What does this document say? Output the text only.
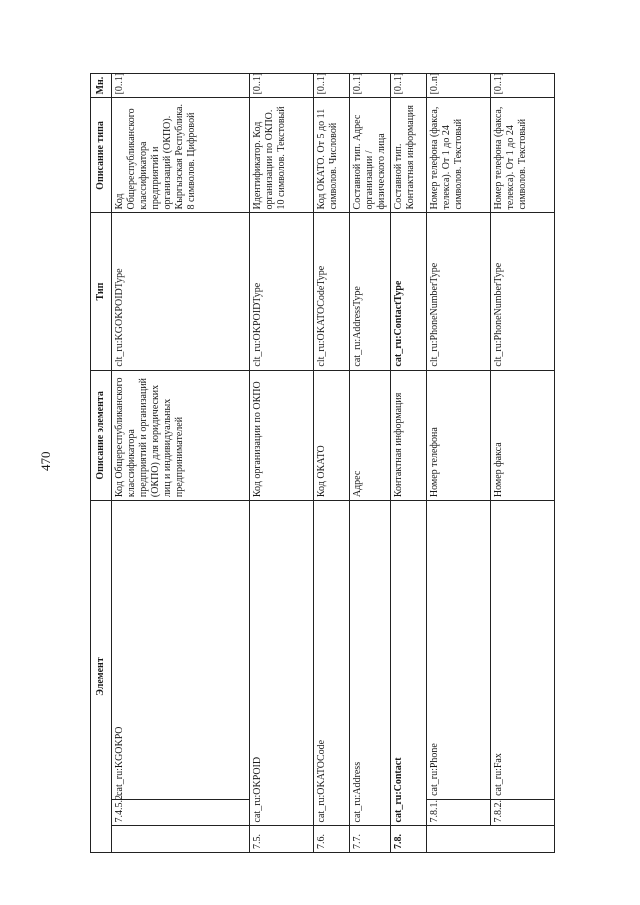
470
Элемент			Описание элемента	Тип	Описание типа	Мн.
	7.4.5.2.	cat_ru:KGOKPO	Код Общереспубликанского классификатора предприятий и организаций (ОКПО) для юридических лиц и индивидуальных предпринимателей	clt_ru:KGOKPOIDType	Код Общереспубликанского классификатора предприятий и организаций (ОКПО). Кыргызская Республика. 8 символов. Цифровой	[0..1]
7.5.	cat_ru:OKPOID		Код организации по ОКПО	clt_ru:OKPOIDType	Идентификатор. Код организации по ОКПО. 10 символов. Текстовый	[0..1]
7.6.	cat_ru:OKATOCode		Код ОКАТО	clt_ru:OKATOCodeType	Код ОКАТО. От 5 до 11 символов. Числовой	[0..1]
7.7.	cat_ru:Address		Адрес	cat_ru:AddressType	Составной тип. Адрес организации / физического лица	[0..1]
7.8.	cat_ru:Contact		Контактная информация	cat_ru:ContactType	Составной тип. Контактная информация	[0..1]
	7.8.1.	cat_ru:Phone	Номер телефона	clt_ru:PhoneNumberType	Номер телефона (факса, телекса). От 1 до 24 символов. Текстовый	[0..n]
	7.8.2.	cat_ru:Fax	Номер факса	clt_ru:PhoneNumberType	Номер телефона (факса, телекса). От 1 до 24 символов. Текстовый	[0..1]
